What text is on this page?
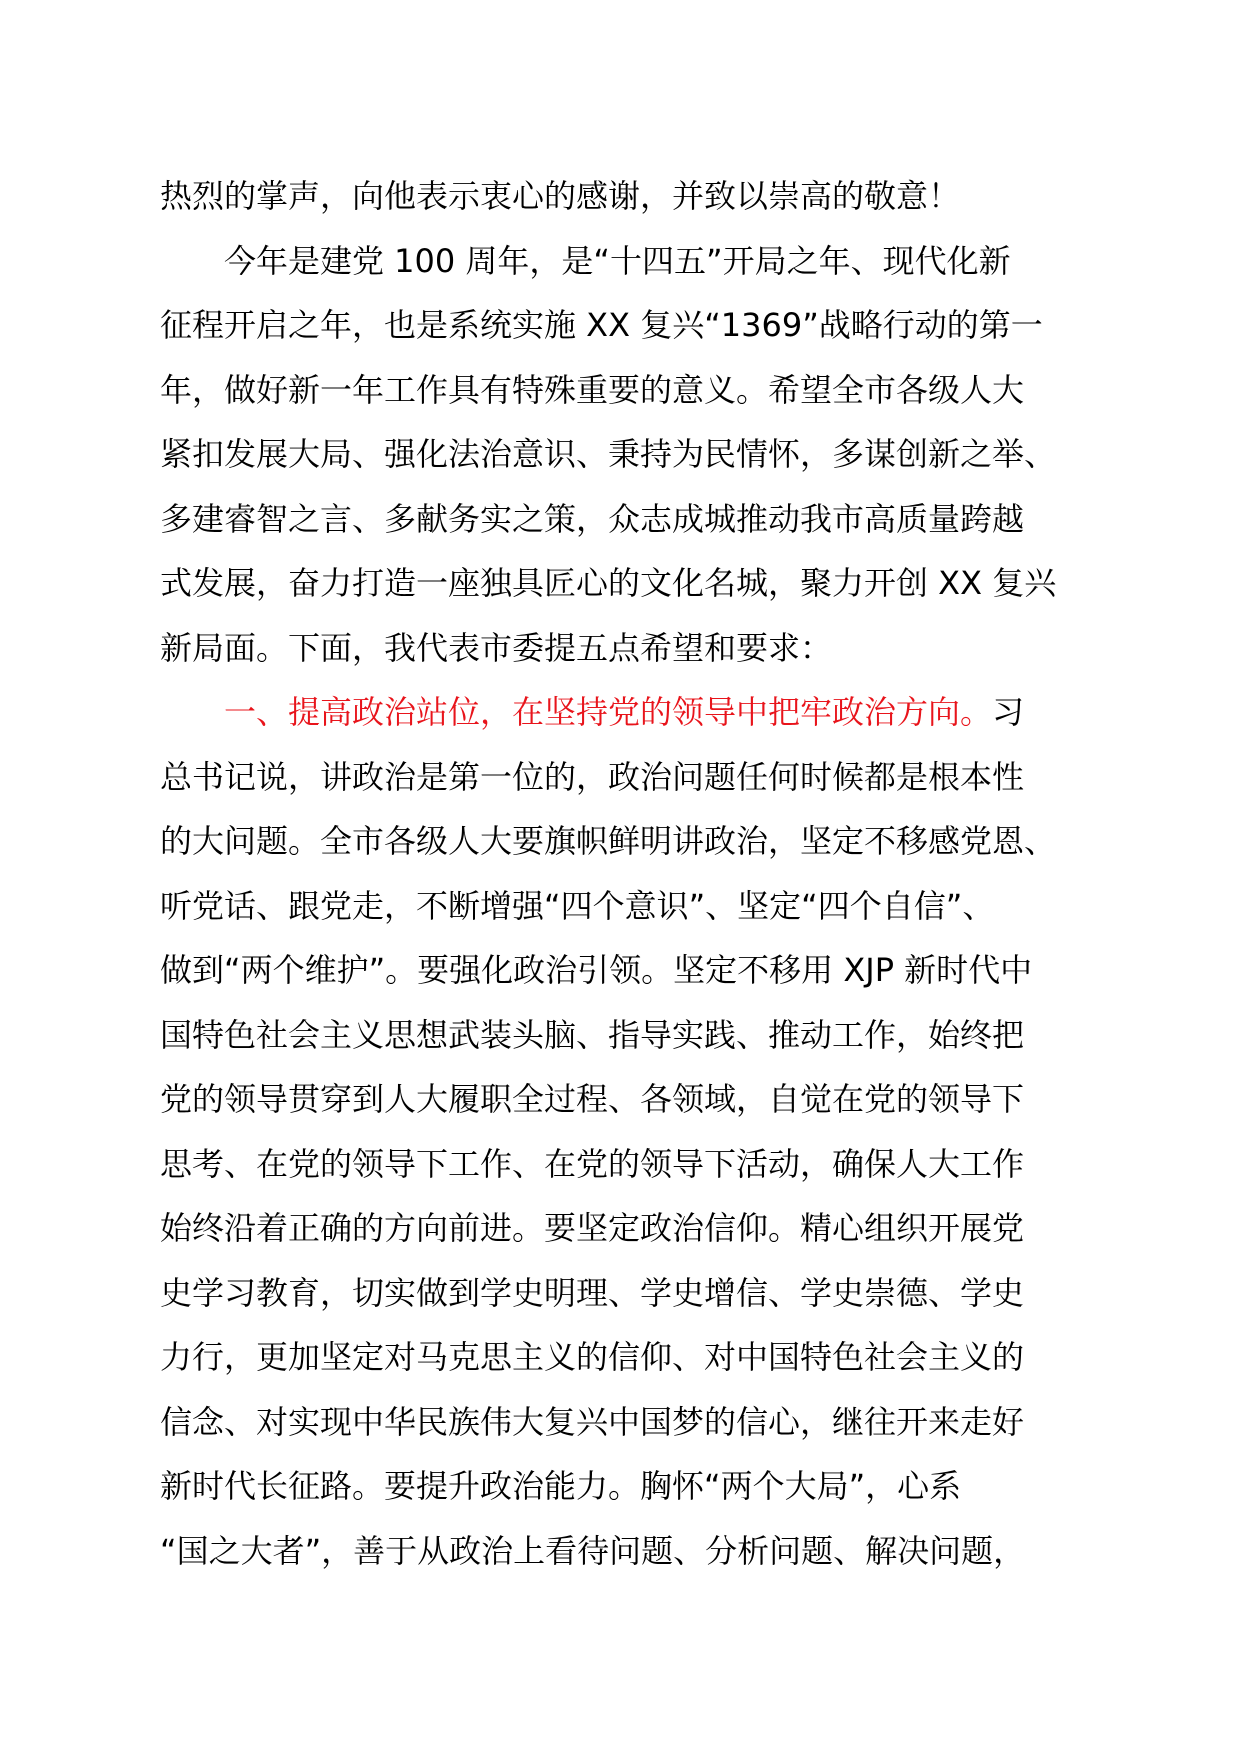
热烈的掌声，向他表示衷心的感谢，并致以崇高的敬意！
今年是建党 100 周年，是“十四五”开局之年、现代化新
征程开启之年，也是系统实施 XX 复兴“1369”战略行动的第一
年，做好新一年工作具有特殊重要的意义。希望全市各级人大
紧扣发展大局、强化法治意识、秉持为民情怀，多谋创新之举、
多建睿智之言、多献务实之策，众志成城推动我市高质量跨越
式发展，奋力打造一座独具匠心的文化名城，聚力开创 XX 复兴
新局面。下面，我代表市委提五点希望和要求：
一、提高政治站位，在坚持党的领导中把牢政治方向。习
总书记说，讲政治是第一位的，政治问题任何时候都是根本性
的大问题。全市各级人大要旗帜鲜明讲政治，坚定不移感党恩、
听党话、跟党走，不断增强“四个意识”、坚定“四个自信”、
做到“两个维护”。要强化政治引领。坚定不移用 XJP 新时代中
国特色社会主义思想武装头脑、指导实践、推动工作，始终把
党的领导贯穿到人大履职全过程、各领域，自觉在党的领导下
思考、在党的领导下工作、在党的领导下活动，确保人大工作
始终沿着正确的方向前进。要坚定政治信仰。精心组织开展党
史学习教育，切实做到学史明理、学史增信、学史崇德、学史
力行，更加坚定对马克思主义的信仰、对中国特色社会主义的
信念、对实现中华民族伟大复兴中国梦的信心，继往开来走好
新时代长征路。要提升政治能力。胸怀“两个大局”，心系
“国之大者”，善于从政治上看待问题、分析问题、解决问题，
